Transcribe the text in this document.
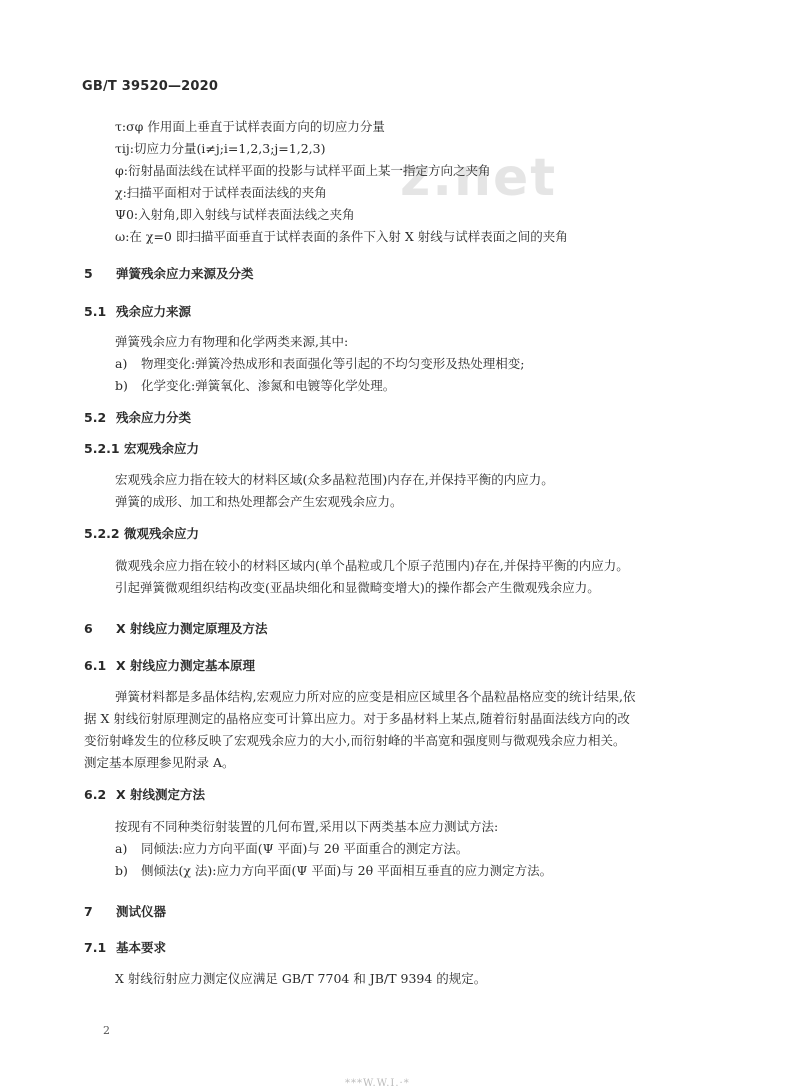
GB/T 39520—2020
z.net
τ:σφ 作用面上垂直于试样表面方向的切应力分量
τij:切应力分量(i≠j;i=1,2,3;j=1,2,3)
φ:衍射晶面法线在试样平面的投影与试样平面上某一指定方向之夹角
χ:扫描平面相对于试样表面法线的夹角
Ψ0:入射角,即入射线与试样表面法线之夹角
ω:在 χ=0 即扫描平面垂直于试样表面的条件下入射 X 射线与试样表面之间的夹角
5 弹簧残余应力来源及分类
5.1 残余应力来源
弹簧残余应力有物理和化学两类来源,其中:
a) 物理变化:弹簧冷热成形和表面强化等引起的不均匀变形及热处理相变;
b) 化学变化:弹簧氧化、渗氮和电镀等化学处理。
5.2 残余应力分类
5.2.1 宏观残余应力
宏观残余应力指在较大的材料区域(众多晶粒范围)内存在,并保持平衡的内应力。
弹簧的成形、加工和热处理都会产生宏观残余应力。
5.2.2 微观残余应力
微观残余应力指在较小的材料区域内(单个晶粒或几个原子范围内)存在,并保持平衡的内应力。
引起弹簧微观组织结构改变(亚晶块细化和显微畸变增大)的操作都会产生微观残余应力。
6 X 射线应力测定原理及方法
6.1 X 射线应力测定基本原理
弹簧材料都是多晶体结构,宏观应力所对应的应变是相应区域里各个晶粒晶格应变的统计结果,依
据 X 射线衍射原理测定的晶格应变可计算出应力。对于多晶材料上某点,随着衍射晶面法线方向的改
变衍射峰发生的位移反映了宏观残余应力的大小,而衍射峰的半高宽和强度则与微观残余应力相关。
测定基本原理参见附录 A。
6.2 X 射线测定方法
按现有不同种类衍射装置的几何布置,采用以下两类基本应力测试方法:
a) 同倾法:应力方向平面(Ψ 平面)与 2θ 平面重合的测定方法。
b) 侧倾法(χ 法):应力方向平面(Ψ 平面)与 2θ 平面相互垂直的应力测定方法。
7 测试仪器
7.1 基本要求
X 射线衍射应力测定仪应满足 GB/T 7704 和 JB/T 9394 的规定。
2
***W.W.I.·*
